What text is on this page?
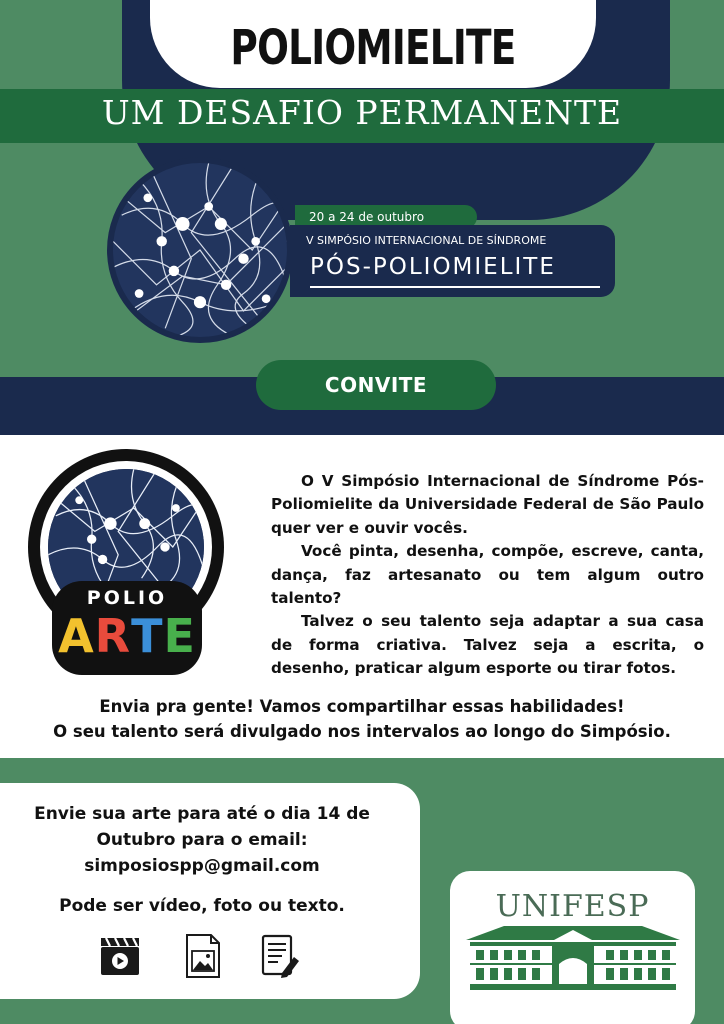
POLIOMIELITE
UM DESAFIO PERMANENTE
20 a 24 de outubro
V SIMPÓSIO INTERNACIONAL DE SÍNDROME
PÓS-POLIOMIELITE
CONVITE
POLIO
ARTE

O V Simpósio Internacional de Síndrome Pós-Poliomielite da Universidade Federal de São Paulo quer ver e ouvir vocês.

Você pinta, desenha, compõe, escreve, canta, dança, faz artesanato ou tem algum outro talento?

Talvez o seu talento seja adaptar a sua casa de forma criativa. Talvez seja a escrita, o desenho, praticar algum esporte ou tirar fotos.

Envia pra gente! Vamos compartilhar essas habilidades!
O seu talento será divulgado nos intervalos ao longo do Simpósio.
Envie sua arte para até o dia 14 de
Outubro para o email:
simposiospp@gmail.com
Pode ser vídeo, foto ou texto.	UNIFESP
